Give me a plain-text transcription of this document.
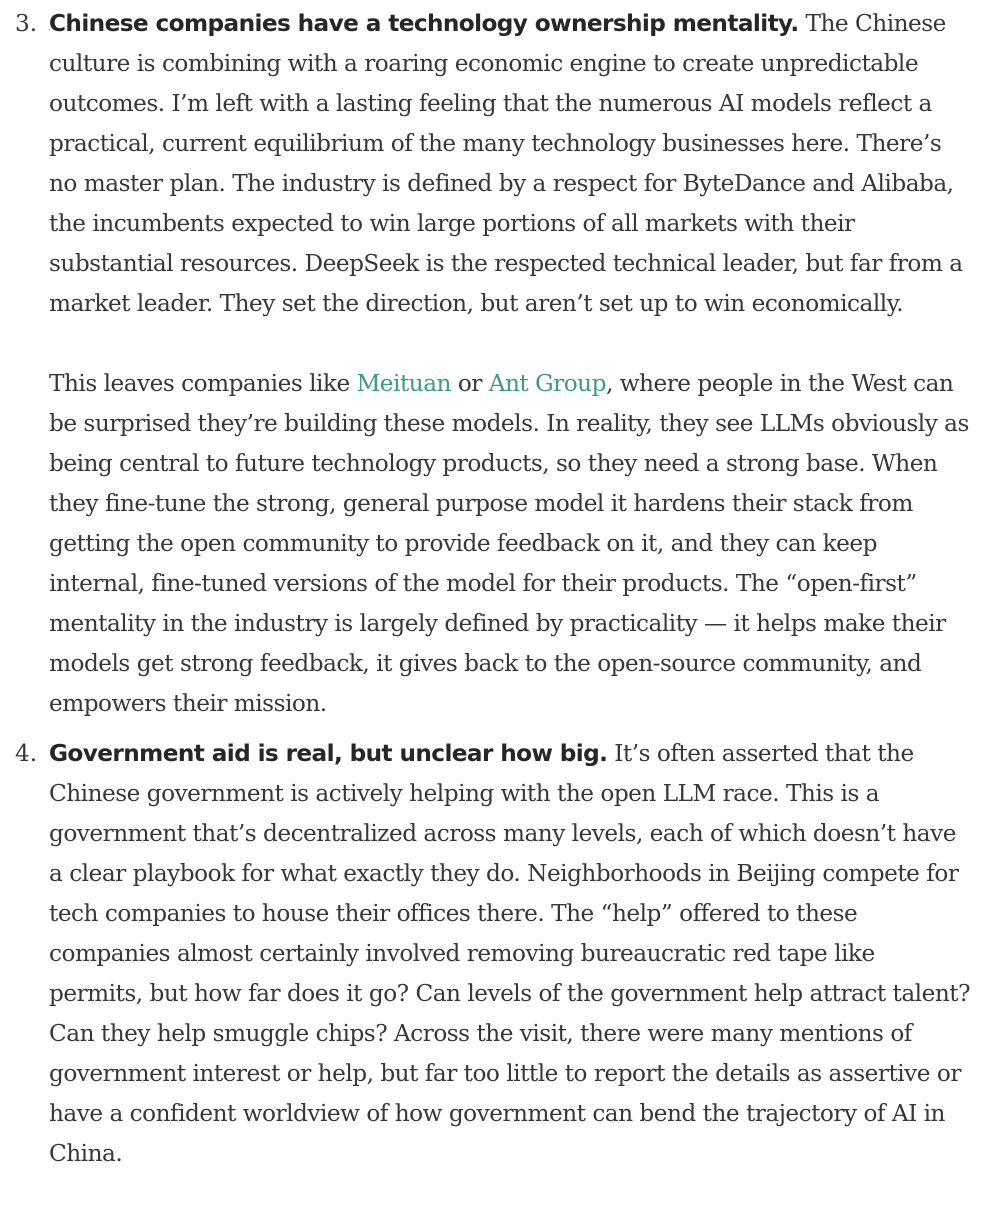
3. Chinese companies have a technology ownership mentality. The Chinese culture is combining with a roaring economic engine to create unpredictable outcomes. I’m left with a lasting feeling that the numerous AI models reflect a practical, current equilibrium of the many technology businesses here. There’s no master plan. The industry is defined by a respect for ByteDance and Alibaba, the incumbents expected to win large portions of all markets with their substantial resources. DeepSeek is the respected technical leader, but far from a market leader. They set the direction, but aren’t set up to win economically.

This leaves companies like Meituan or Ant Group, where people in the West can be surprised they’re building these models. In reality, they see LLMs obviously as being central to future technology products, so they need a strong base. When they fine-tune the strong, general purpose model it hardens their stack from getting the open community to provide feedback on it, and they can keep internal, fine-tuned versions of the model for their products. The “open-first” mentality in the industry is largely defined by practicality — it helps make their models get strong feedback, it gives back to the open-source community, and empowers their mission.

4. Government aid is real, but unclear how big. It’s often asserted that the Chinese government is actively helping with the open LLM race. This is a government that’s decentralized across many levels, each of which doesn’t have a clear playbook for what exactly they do. Neighborhoods in Beijing compete for tech companies to house their offices there. The “help” offered to these companies almost certainly involved removing bureaucratic red tape like permits, but how far does it go? Can levels of the government help attract talent? Can they help smuggle chips? Across the visit, there were many mentions of government interest or help, but far too little to report the details as assertive or have a confident worldview of how government can bend the trajectory of AI in China.
